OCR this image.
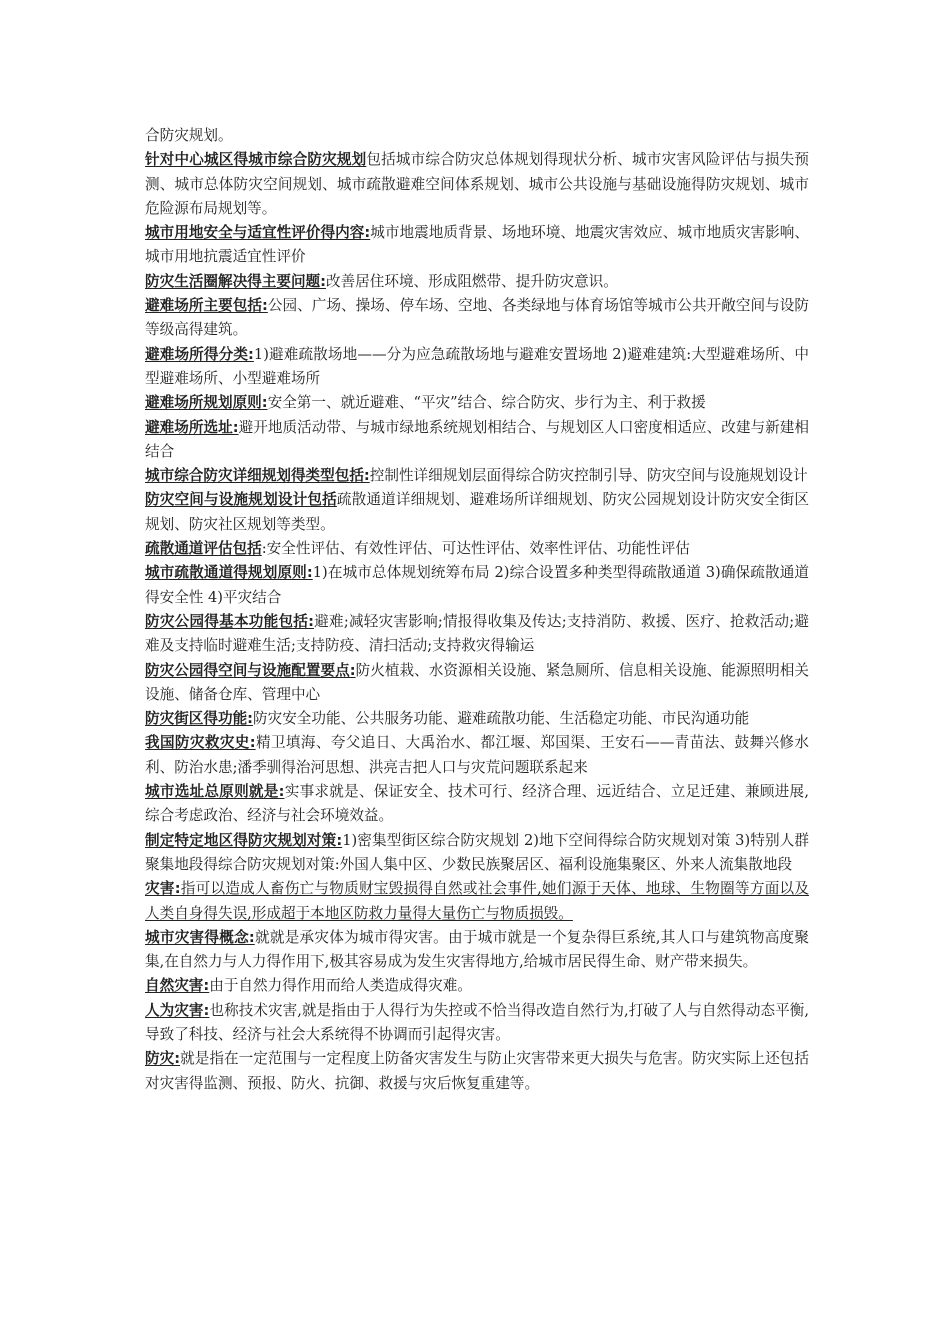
合防灾规划。

针对中心城区得城市综合防灾规划包括城市综合防灾总体规划得现状分析、城市灾害风险评估与损失预测、城市总体防灾空间规划、城市疏散避难空间体系规划、城市公共设施与基础设施得防灾规划、城市危险源布局规划等。

城市用地安全与适宜性评价得内容:城市地震地质背景、场地环境、地震灾害效应、城市地质灾害影响、城市用地抗震适宜性评价

防灾生活圈解决得主要问题:改善居住环境、形成阻燃带、提升防灾意识。

避难场所主要包括:公园、广场、操场、停车场、空地、各类绿地与体育场馆等城市公共开敞空间与设防等级高得建筑。

避难场所得分类:1)避难疏散场地——分为应急疏散场地与避难安置场地 2)避难建筑:大型避难场所、中型避难场所、小型避难场所

避难场所规划原则:安全第一、就近避难、“平灾”结合、综合防灾、步行为主、利于救援

避难场所选址:避开地质活动带、与城市绿地系统规划相结合、与规划区人口密度相适应、改建与新建相结合

城市综合防灾详细规划得类型包括:控制性详细规划层面得综合防灾控制引导、防灾空间与设施规划设计

防灾空间与设施规划设计包括疏散通道详细规划、避难场所详细规划、防灾公园规划设计防灾安全街区规划、防灾社区规划等类型。

疏散通道评估包括:安全性评估、有效性评估、可达性评估、效率性评估、功能性评估

城市疏散通道得规划原则:1)在城市总体规划统筹布局 2)综合设置多种类型得疏散通道 3)确保疏散通道得安全性 4)平灾结合

防灾公园得基本功能包括:避难;减轻灾害影响;情报得收集及传达;支持消防、救援、医疗、抢救活动;避难及支持临时避难生活;支持防疫、清扫活动;支持救灾得输运

防灾公园得空间与设施配置要点:防火植栽、水资源相关设施、紧急厕所、信息相关设施、能源照明相关设施、储备仓库、管理中心

防灾街区得功能:防灾安全功能、公共服务功能、避难疏散功能、生活稳定功能、市民沟通功能

我国防灾救灾史:精卫填海、夸父追日、大禹治水、都江堰、郑国渠、王安石——青苗法、鼓舞兴修水利、防治水患;潘季驯得治河思想、洪亮吉把人口与灾荒问题联系起来

城市选址总原则就是:实事求就是、保证安全、技术可行、经济合理、远近结合、立足迁建、兼顾进展,综合考虑政治、经济与社会环境效益。

制定特定地区得防灾规划对策:1)密集型街区综合防灾规划 2)地下空间得综合防灾规划对策 3)特别人群聚集地段得综合防灾规划对策:外国人集中区、少数民族聚居区、福利设施集聚区、外来人流集散地段

灾害:指可以造成人畜伤亡与物质财宝毁损得自然或社会事件,她们源于天体、地球、生物圈等方面以及人类自身得失误,形成超于本地区防救力量得大量伤亡与物质损毁。

城市灾害得概念:就就是承灾体为城市得灾害。由于城市就是一个复杂得巨系统,其人口与建筑物高度聚集,在自然力与人力得作用下,极其容易成为发生灾害得地方,给城市居民得生命、财产带来损失。

自然灾害:由于自然力得作用而给人类造成得灾难。

人为灾害:也称技术灾害,就是指由于人得行为失控或不恰当得改造自然行为,打破了人与自然得动态平衡,导致了科技、经济与社会大系统得不协调而引起得灾害。

防灾:就是指在一定范围与一定程度上防备灾害发生与防止灾害带来更大损失与危害。防灾实际上还包括对灾害得监测、预报、防火、抗御、救援与灾后恢复重建等。
